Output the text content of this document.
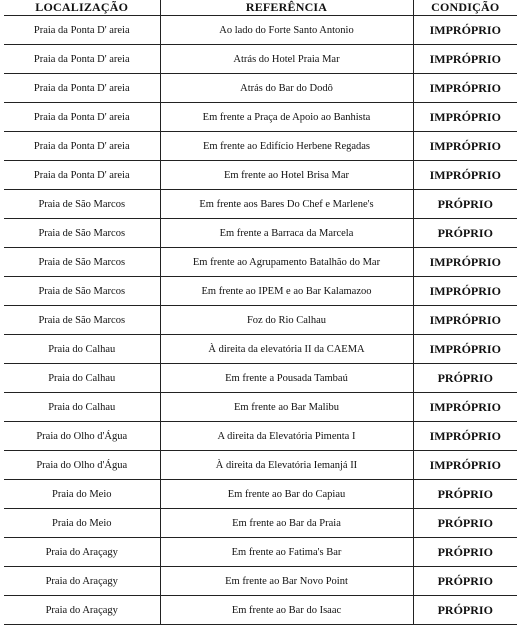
LOCALIZAÇÃO	REFERÊNCIA	CONDIÇÃO
Praia da Ponta D' areia	Ao lado do Forte Santo Antonio	IMPRÓPRIO
Praia da Ponta D' areia	Atrás do Hotel Praia Mar	IMPRÓPRIO
Praia da Ponta D' areia	Atrás do Bar do Dodô	IMPRÓPRIO
Praia da Ponta D' areia	Em frente a Praça de Apoio ao Banhista	IMPRÓPRIO
Praia da Ponta D' areia	Em frente ao Edifício Herbene Regadas	IMPRÓPRIO
Praia da Ponta D' areia	Em frente ao Hotel Brisa Mar	IMPRÓPRIO
Praia de São Marcos	Em frente aos Bares Do Chef e Marlene's	PRÓPRIO
Praia de São Marcos	Em frente a Barraca da Marcela	PRÓPRIO
Praia de São Marcos	Em frente ao Agrupamento Batalhão do Mar	IMPRÓPRIO
Praia de São Marcos	Em frente ao IPEM e ao Bar Kalamazoo	IMPRÓPRIO
Praia de São Marcos	Foz do Rio Calhau	IMPRÓPRIO
Praia do Calhau	À direita da elevatória II da CAEMA	IMPRÓPRIO
Praia do Calhau	Em frente a Pousada Tambaú	PRÓPRIO
Praia do Calhau	Em frente ao Bar Malibu	IMPRÓPRIO
Praia do Olho d'Água	A direita da Elevatória Pimenta I	IMPRÓPRIO
Praia do Olho d'Água	À direita da Elevatória Iemanjá II	IMPRÓPRIO
Praia do Meio	Em frente ao Bar do Capiau	PRÓPRIO
Praia do Meio	Em frente ao Bar da Praia	PRÓPRIO
Praia do Araçagy	Em frente ao Fatima's Bar	PRÓPRIO
Praia do Araçagy	Em frente ao Bar Novo Point	PRÓPRIO
Praia do Araçagy	Em frente ao Bar do Isaac	PRÓPRIO
